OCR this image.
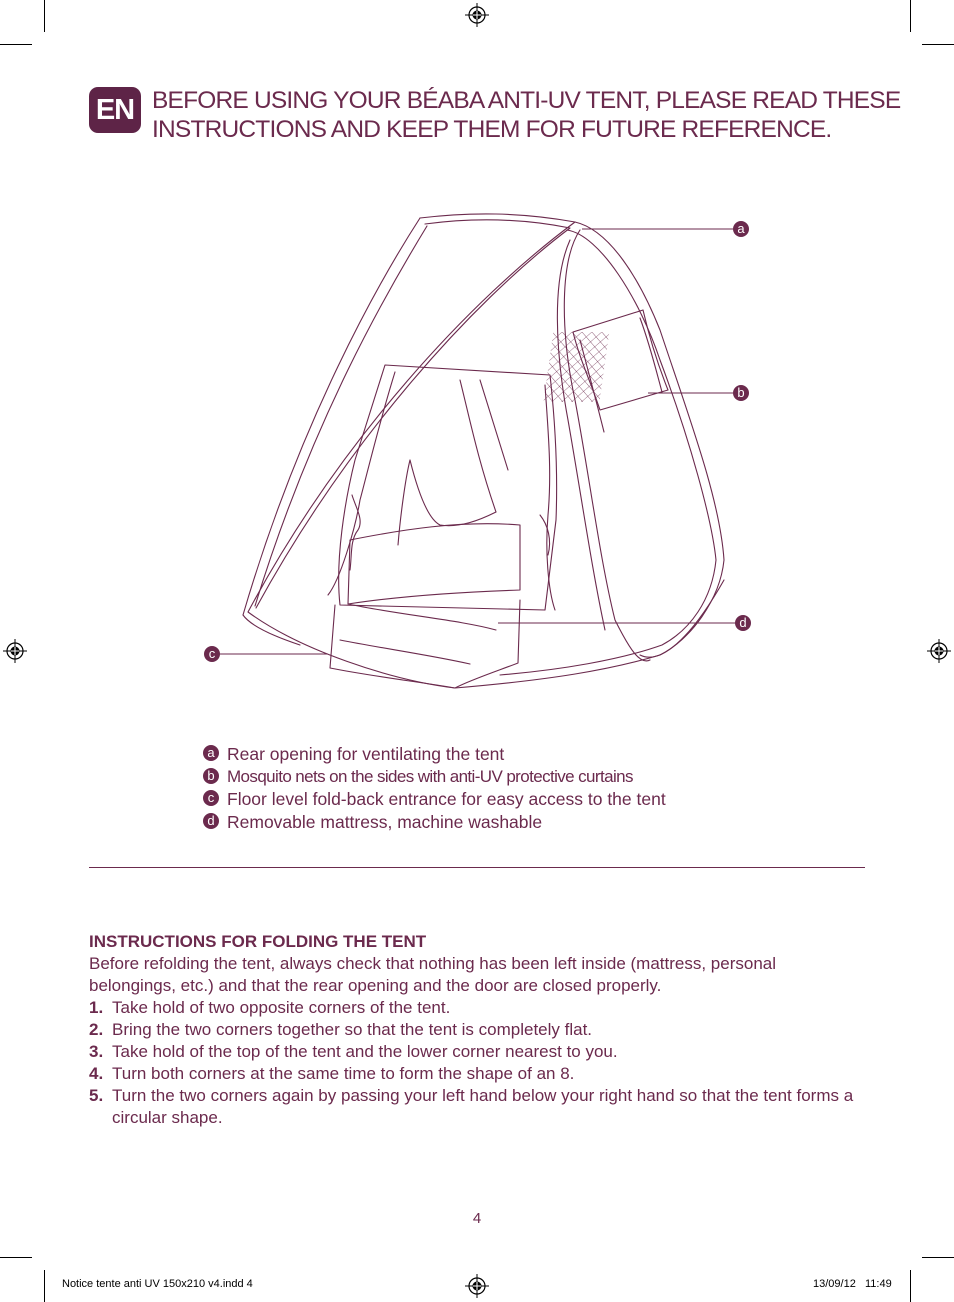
EN BEFORE USING YOUR BÉABA ANTI-UV TENT, PLEASE READ THESE
INSTRUCTIONS AND KEEP THEM FOR FUTURE REFERENCE.
a
b
c
d
a Rear opening for ventilating the tent
b Mosquito nets on the sides with anti-UV protective curtains
c Floor level fold-back entrance for easy access to the tent
d Removable mattress, machine washable

INSTRUCTIONS FOR FOLDING THE TENT

Before refolding the tent, always check that nothing has been left inside (mattress, personal belongings, etc.) and that the rear opening and the door are closed properly.

1. Take hold of two opposite corners of the tent.
2. Bring the two corners together so that the tent is completely flat.
3. Take hold of the top of the tent and the lower corner nearest to you.
4. Turn both corners at the same time to form the shape of an 8.
5. Turn the two corners again by passing your left hand below your right hand so that the tent forms a circular shape.
4
Notice tente anti UV 150x210 v4.indd 4	13/09/12   11:49
